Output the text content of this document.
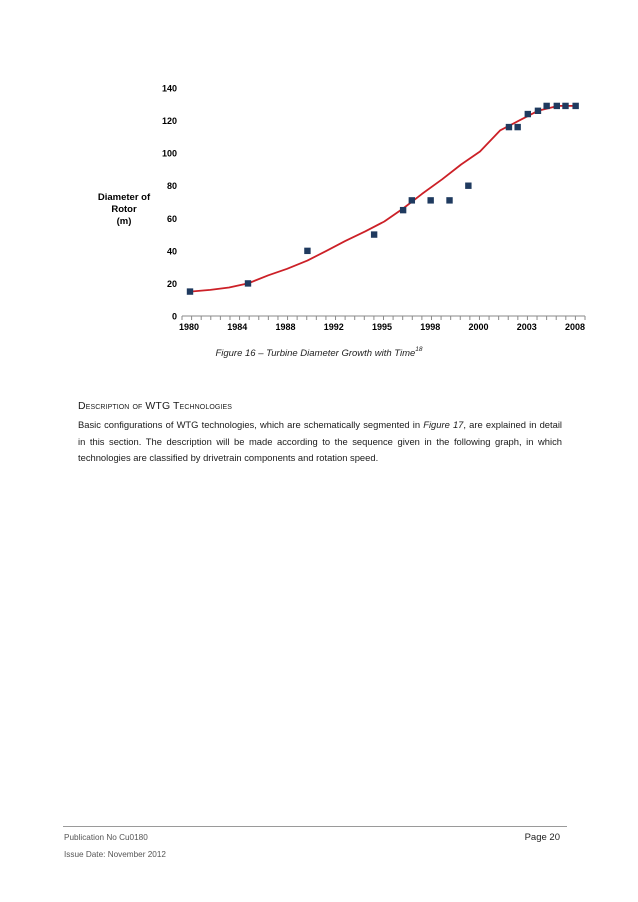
0
20
40
60
80
100
120
140
1980	1984	1988	1992	1995	1998	2000	2003	2008
Diameter of Rotor
(m)
Figure 16 – Turbine Diameter Growth with Time$^{18}$
Description of WTG Technologies
Basic configurations of WTG technologies, which are schematically segmented in Figure 17, are explained in detail in this section. The description will be made according to the sequence given in the following graph, in which technologies are classified by drivetrain components and rotation speed.
Publication No Cu0180
Issue Date: November 2012
Page 20
